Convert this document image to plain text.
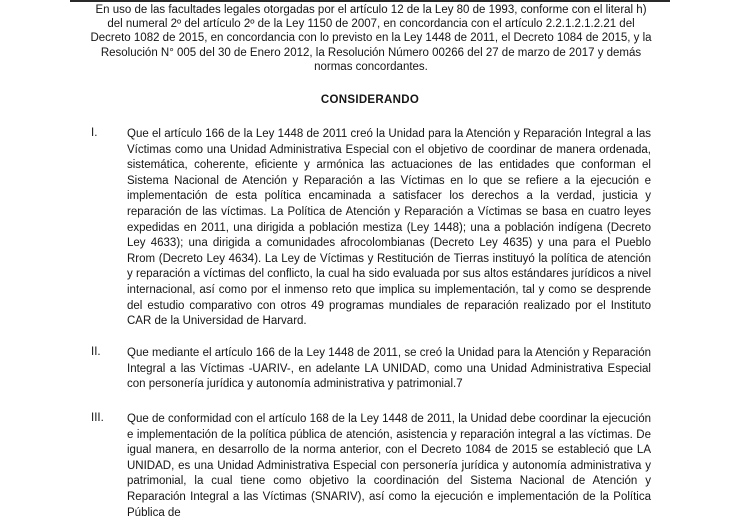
En uso de las facultades legales otorgadas por el artículo 12 de la Ley 80 de 1993, conforme con el literal h) del numeral 2º del artículo 2º de la Ley 1150 de 2007, en concordancia con el artículo 2.2.1.2.1.2.21 del Decreto 1082 de 2015, en concordancia con lo previsto en la Ley 1448 de 2011, el Decreto 1084 de 2015, y la Resolución N° 005 del 30 de Enero 2012, la Resolución Número 00266 del 27 de marzo de 2017 y demás normas concordantes.

CONSIDERANDO

I.	Que el artículo 166 de la Ley 1448 de 2011 creó la Unidad para la Atención y Reparación Integral a las Víctimas como una Unidad Administrativa Especial con el objetivo de coordinar de manera ordenada, sistemática, coherente, eficiente y armónica las actuaciones de las entidades que conforman el Sistema Nacional de Atención y Reparación a las Víctimas en lo que se refiere a la ejecución e implementación de esta política encaminada a satisfacer los derechos a la verdad, justicia y reparación de las víctimas. La Política de Atención y Reparación a Víctimas se basa en cuatro leyes expedidas en 2011, una dirigida a población mestiza (Ley 1448); una a población indígena (Decreto Ley 4633); una dirigida a comunidades afrocolombianas (Decreto Ley 4635) y una para el Pueblo Rrom (Decreto Ley 4634). La Ley de Víctimas y Restitución de Tierras instituyó la política de atención y reparación a víctimas del conflicto, la cual ha sido evaluada por sus altos estándares jurídicos a nivel internacional, así como por el inmenso reto que implica su implementación, tal y como se desprende del estudio comparativo con otros 49 programas mundiales de reparación realizado por el Instituto CAR de la Universidad de Harvard.

II.	Que mediante el artículo 166 de la Ley 1448 de 2011, se creó la Unidad para la Atención y Reparación Integral a las Víctimas -UARIV-, en adelante LA UNIDAD, como una Unidad Administrativa Especial con personería jurídica y autonomía administrativa y patrimonial.7

III.	Que de conformidad con el artículo 168 de la Ley 1448 de 2011, la Unidad debe coordinar la ejecución e implementación de la política pública de atención, asistencia y reparación integral a las víctimas. De igual manera, en desarrollo de la norma anterior, con el Decreto 1084 de 2015 se estableció que LA UNIDAD, es una Unidad Administrativa Especial con personería jurídica y autonomía administrativa y patrimonial, la cual tiene como objetivo la coordinación del Sistema Nacional de Atención y Reparación Integral a las Víctimas (SNARIV), así como la ejecución e implementación de la Política Pública de
